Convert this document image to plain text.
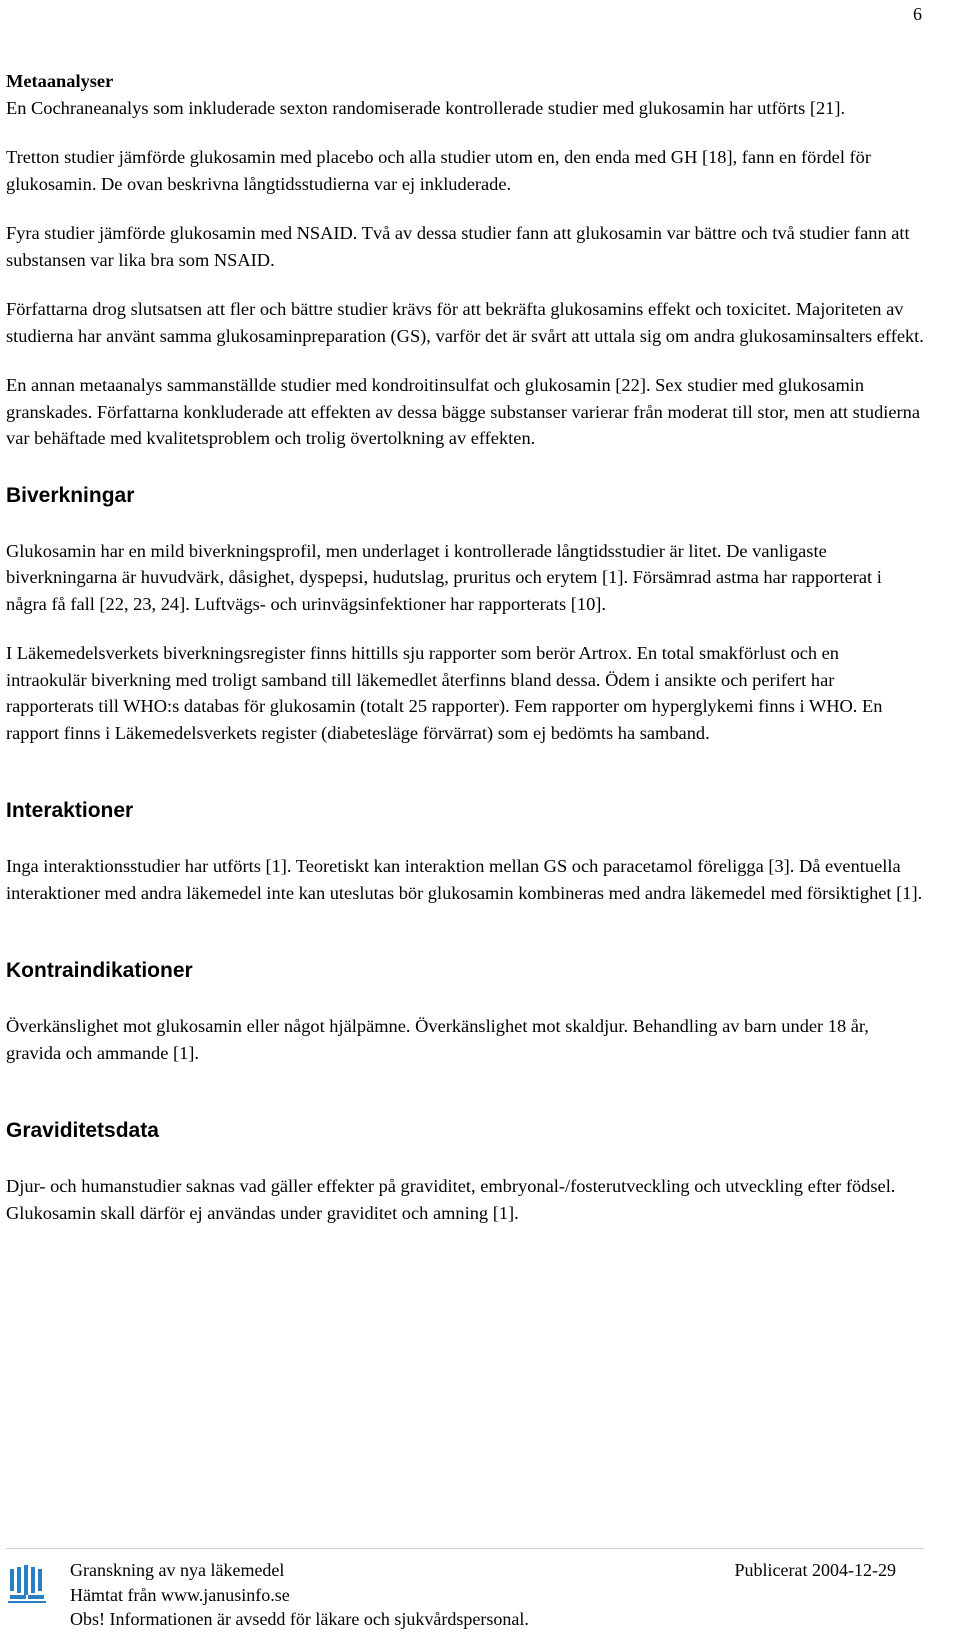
6

Metaanalyser
En Cochraneanalys som inkluderade sexton randomiserade kontrollerade studier med glukosamin har utförts [21].

Tretton studier jämförde glukosamin med placebo och alla studier utom en, den enda med GH [18], fann en fördel för glukosamin. De ovan beskrivna långtidsstudierna var ej inkluderade.

Fyra studier jämförde glukosamin med NSAID. Två av dessa studier fann att glukosamin var bättre och två studier fann att substansen var lika bra som NSAID.

Författarna drog slutsatsen att fler och bättre studier krävs för att bekräfta glukosamins effekt och toxicitet. Majoriteten av studierna har använt samma glukosaminpreparation (GS), varför det är svårt att uttala sig om andra glukosaminsalters effekt.

En annan metaanalys sammanställde studier med kondroitinsulfat och glukosamin [22]. Sex studier med glukosamin granskades. Författarna konkluderade att effekten av dessa bägge substanser varierar från moderat till stor, men att studierna var behäftade med kvalitetsproblem och trolig övertolkning av effekten.

Biverkningar

Glukosamin har en mild biverkningsprofil, men underlaget i kontrollerade långtidsstudier är litet. De vanligaste biverkningarna är huvudvärk, dåsighet, dyspepsi, hudutslag, pruritus och erytem [1]. Försämrad astma har rapporterat i några få fall [22, 23, 24]. Luftvägs- och urinvägsinfektioner har rapporterats [10].

I Läkemedelsverkets biverkningsregister finns hittills sju rapporter som berör Artrox. En total smakförlust och en intraokulär biverkning med troligt samband till läkemedlet återfinns bland dessa. Ödem i ansikte och perifert har rapporterats till WHO:s databas för glukosamin (totalt 25 rapporter). Fem rapporter om hyperglykemi finns i WHO. En rapport finns i Läkemedelsverkets register (diabetesläge förvärrat) som ej bedömts ha samband.

Interaktioner

Inga interaktionsstudier har utförts [1]. Teoretiskt kan interaktion mellan GS och paracetamol föreligga [3]. Då eventuella interaktioner med andra läkemedel inte kan uteslutas bör glukosamin kombineras med andra läkemedel med försiktighet [1].

Kontraindikationer

Överkänslighet mot glukosamin eller något hjälpämne. Överkänslighet mot skaldjur. Behandling av barn under 18 år, gravida och ammande [1].

Graviditetsdata

Djur- och humanstudier saknas vad gäller effekter på graviditet, embryonal-/fosterutveckling och utveckling efter födsel. Glukosamin skall därför ej användas under graviditet och amning [1].

Granskning av nya läkemedel
Hämtat från www.janusinfo.se
Obs! Informationen är avsedd för läkare och sjukvårdspersonal.
Publicerat 2004-12-29
